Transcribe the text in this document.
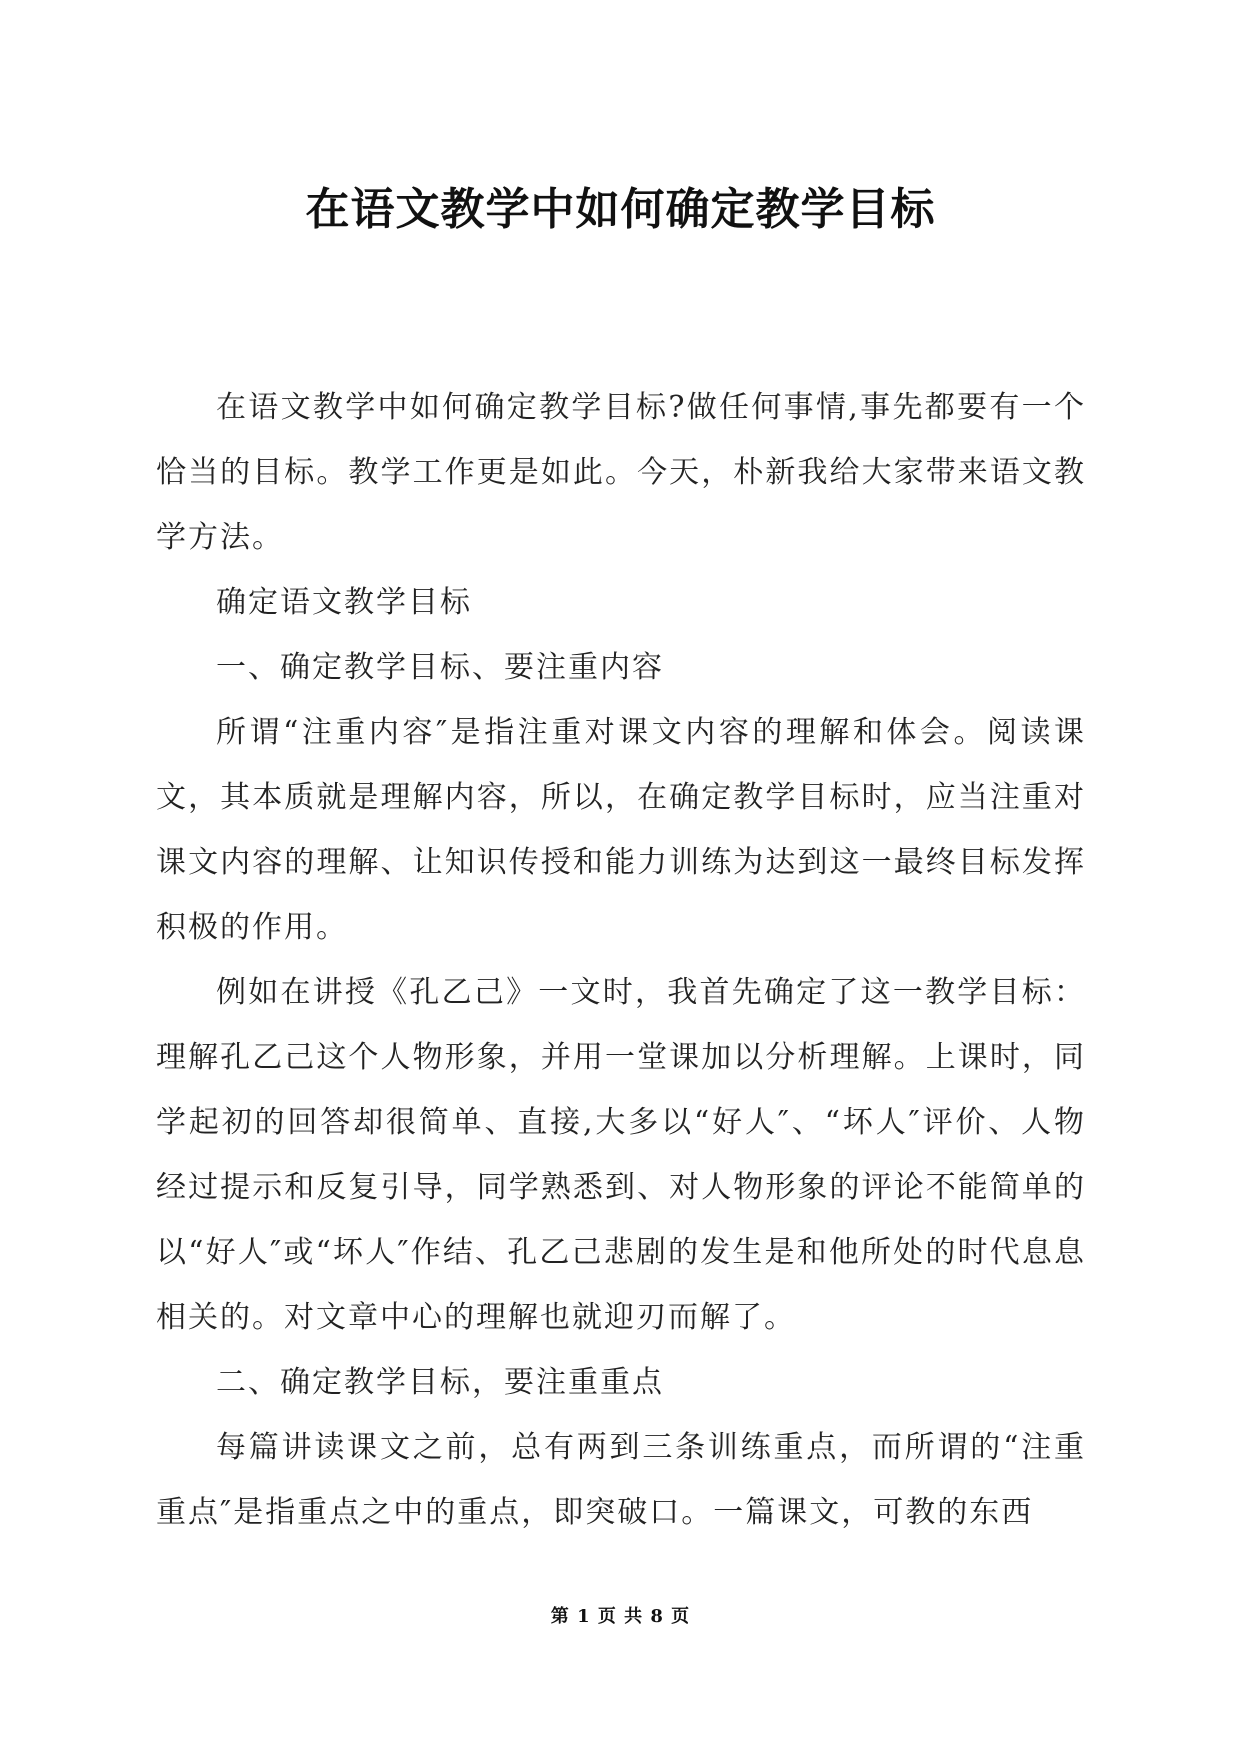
在语文教学中如何确定教学目标

在语文教学中如何确定教学目标?做任何事情,事先都要有一个恰当的目标。教学工作更是如此。今天，朴新我给大家带来语文教学方法。

确定语文教学目标

一、确定教学目标、要注重内容

所谓“注重内容″是指注重对课文内容的理解和体会。阅读课文，其本质就是理解内容，所以，在确定教学目标时，应当注重对课文内容的理解、让知识传授和能力训练为达到这一最终目标发挥积极的作用。

例如在讲授《孔乙己》一文时，我首先确定了这一教学目标：理解孔乙己这个人物形象，并用一堂课加以分析理解。上课时，同学起初的回答却很简单、直接,大多以“好人″、“坏人″评价、人物经过提示和反复引导，同学熟悉到、对人物形象的评论不能简单的以“好人″或“坏人″作结、孔乙己悲剧的发生是和他所处的时代息息相关的。对文章中心的理解也就迎刃而解了。

二、确定教学目标，要注重重点

每篇讲读课文之前，总有两到三条训练重点，而所谓的“注重重点″是指重点之中的重点，即突破口。一篇课文，可教的东西

第 1 页 共 8 页
